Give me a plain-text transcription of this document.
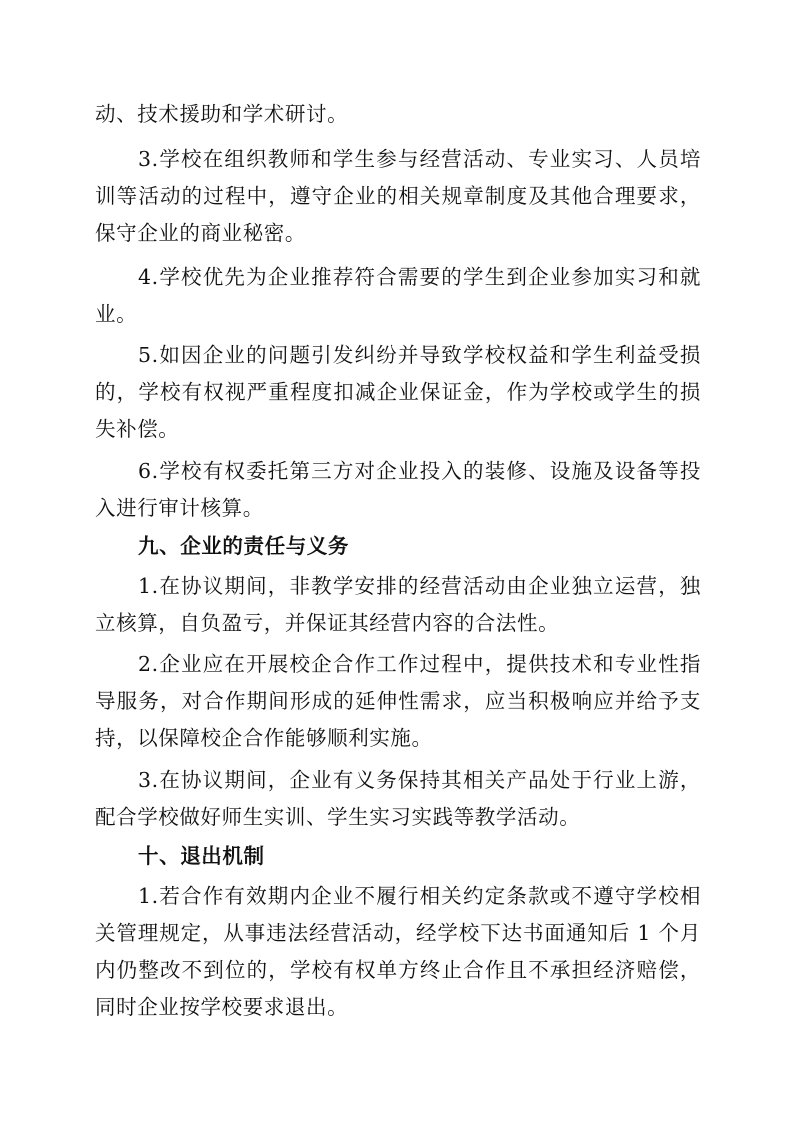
动、技术援助和学术研讨。

3.学校在组织教师和学生参与经营活动、专业实习、人员培训等活动的过程中，遵守企业的相关规章制度及其他合理要求，保守企业的商业秘密。

4.学校优先为企业推荐符合需要的学生到企业参加实习和就业。

5.如因企业的问题引发纠纷并导致学校权益和学生利益受损的，学校有权视严重程度扣减企业保证金，作为学校或学生的损失补偿。

6.学校有权委托第三方对企业投入的装修、设施及设备等投入进行审计核算。

九、企业的责任与义务

1.在协议期间，非教学安排的经营活动由企业独立运营，独立核算，自负盈亏，并保证其经营内容的合法性。

2.企业应在开展校企合作工作过程中，提供技术和专业性指导服务，对合作期间形成的延伸性需求，应当积极响应并给予支持，以保障校企合作能够顺利实施。

3.在协议期间，企业有义务保持其相关产品处于行业上游，配合学校做好师生实训、学生实习实践等教学活动。

十、退出机制

1.若合作有效期内企业不履行相关约定条款或不遵守学校相关管理规定，从事违法经营活动，经学校下达书面通知后 1 个月内仍整改不到位的，学校有权单方终止合作且不承担经济赔偿，同时企业按学校要求退出。
